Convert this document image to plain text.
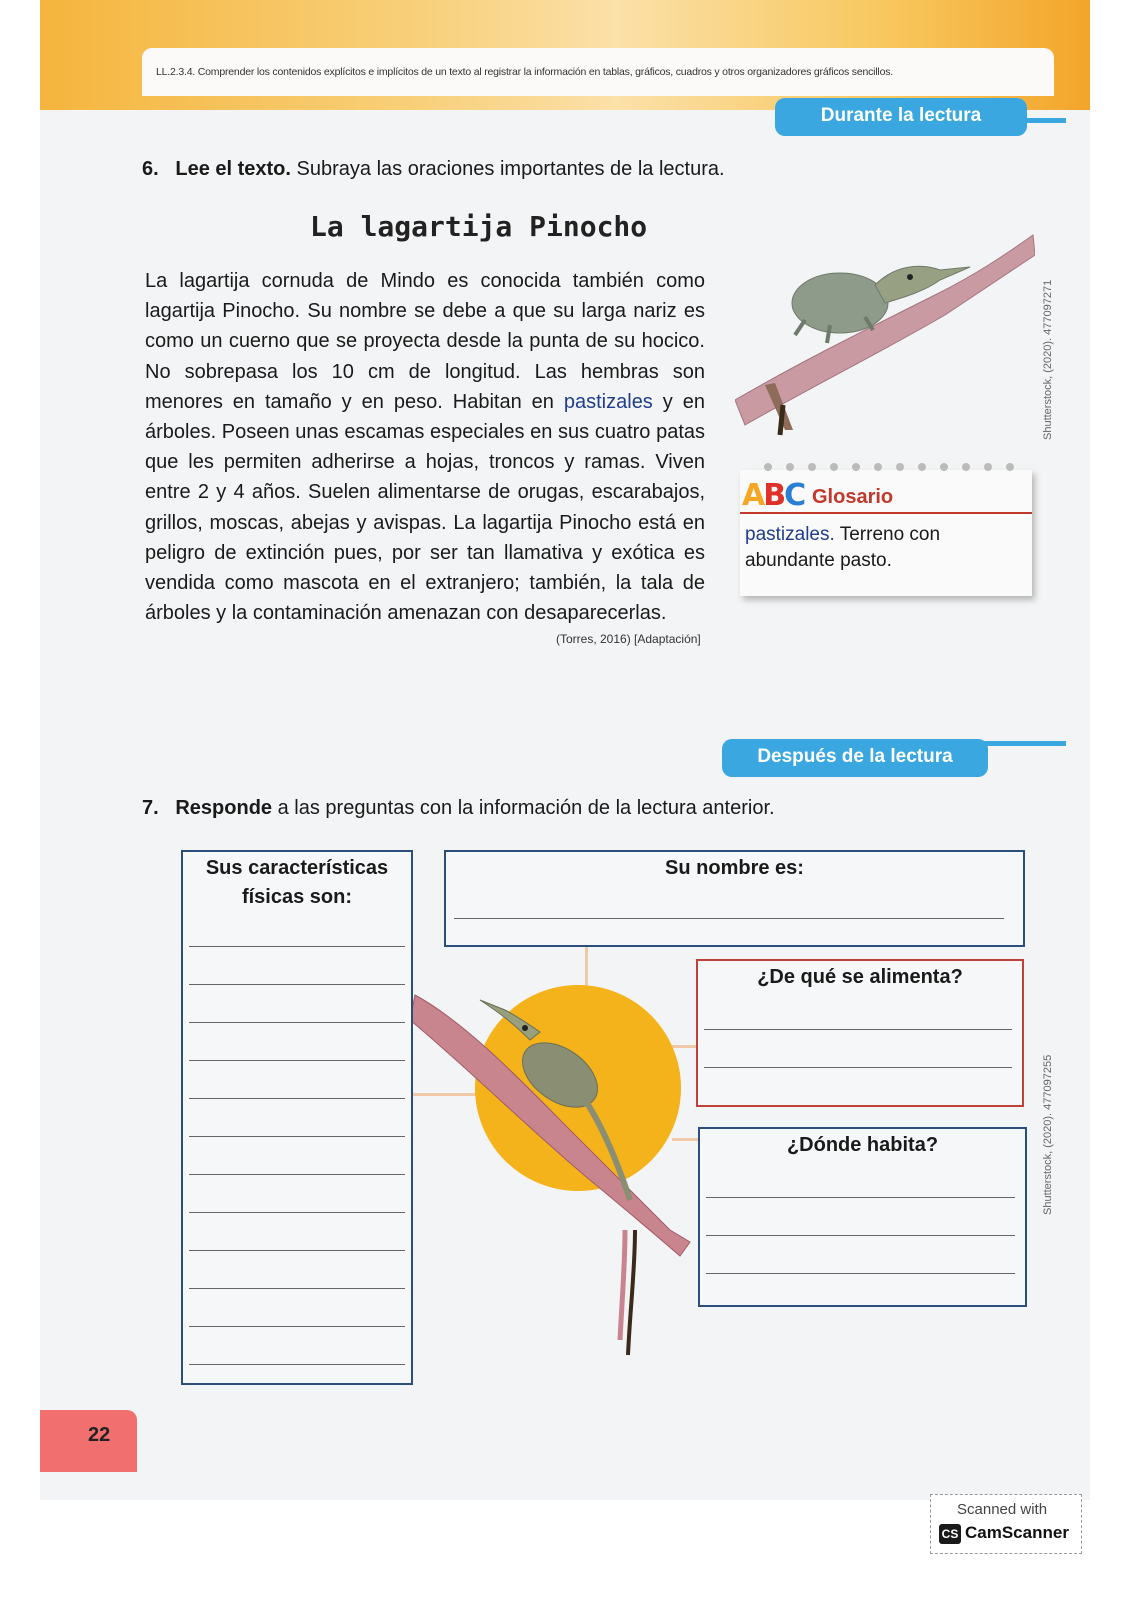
LL.2.3.4. Comprender los contenidos explícitos e implícitos de un texto al registrar la información en tablas, gráficos, cuadros y otros organizadores gráficos sencillos.
Durante la lectura
6. Lee el texto. Subraya las oraciones importantes de la lectura.
La lagartija Pinocho
La lagartija cornuda de Mindo es conocida también como lagartija Pinocho. Su nombre se debe a que su larga nariz es como un cuerno que se proyecta desde la punta de su hocico. No sobrepasa los 10 cm de longitud. Las hembras son menores en tamaño y en peso. Habitan en pastizales y en árboles. Poseen unas escamas especiales en sus cuatro patas que les permiten adherirse a hojas, troncos y ramas. Viven entre 2 y 4 años. Suelen alimentarse de orugas, escarabajos, grillos, moscas, abejas y avispas. La lagartija Pinocho está en peligro de extinción pues, por ser tan llamativa y exótica es vendida como mascota en el extranjero; también, la tala de árboles y la contaminación amenazan con desaparecerlas.
(Torres, 2016) [Adaptación]
Shutterstock, (2020). 477097271
ABC Glosario
pastizales. Terreno con abundante pasto.
Después de la lectura
7. Responde a las preguntas con la información de la lectura anterior.
Sus características físicas son:
Su nombre es:
¿De qué se alimenta?
¿Dónde habita?	Shutterstock, (2020). 477097255
22
Scanned with
CS CamScanner
